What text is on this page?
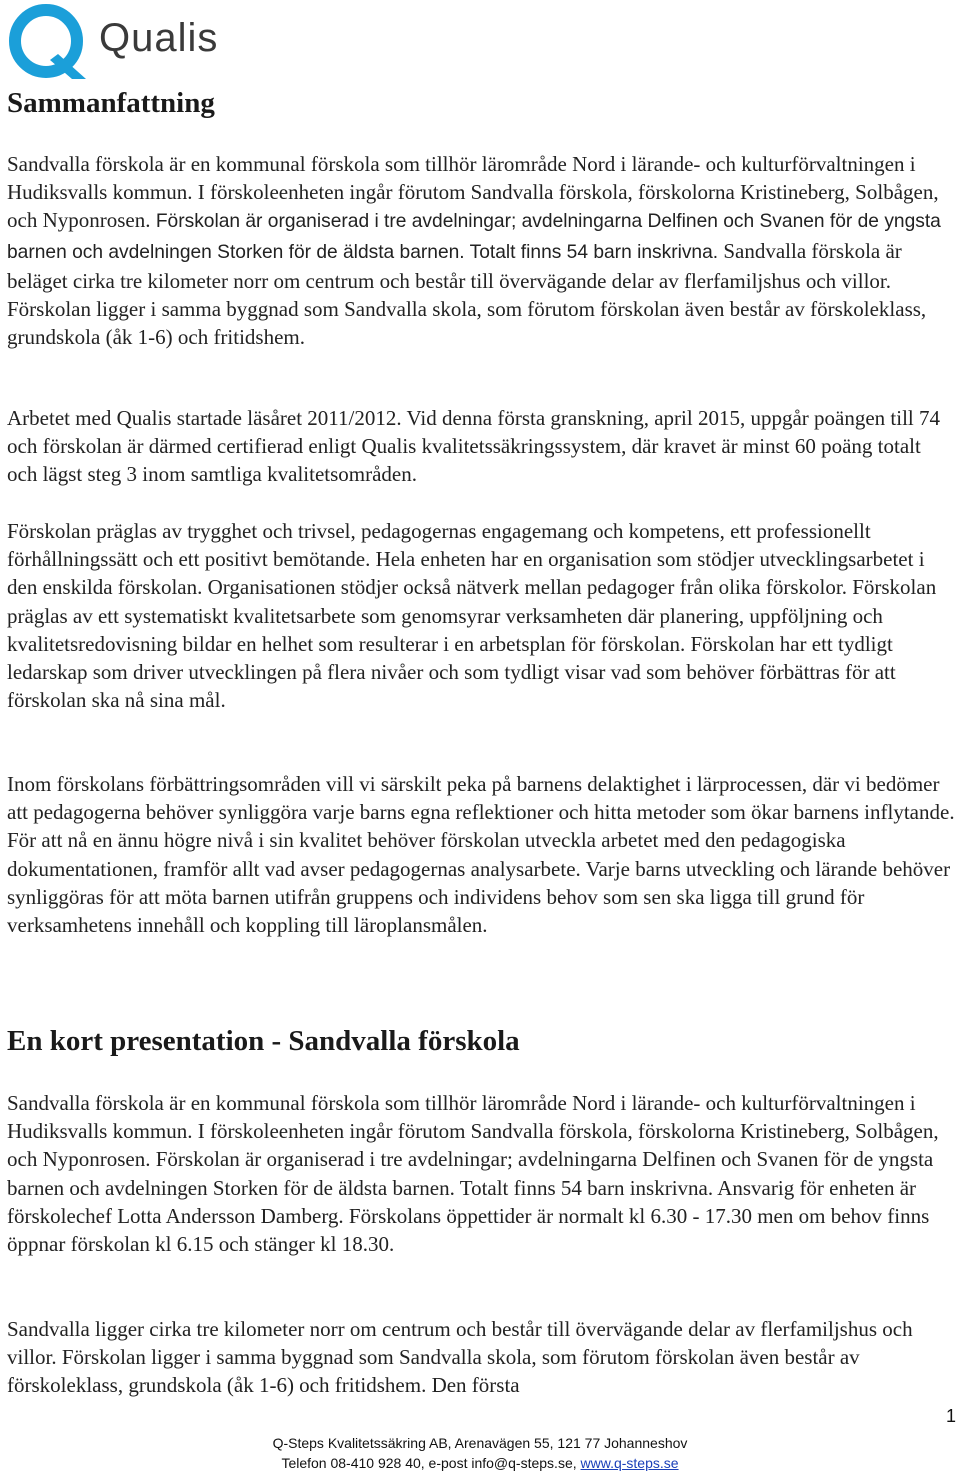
Qualis
Sammanfattning

Sandvalla förskola är en kommunal förskola som tillhör lärområde Nord i lärande- och kulturförvaltningen i Hudiksvalls kommun. I förskoleenheten ingår förutom Sandvalla förskola, förskolorna Kristineberg, Solbågen, och Nyponrosen. Förskolan är organiserad i tre avdelningar; avdelningarna Delfinen och Svanen för de yngsta barnen och avdelningen Storken för de äldsta barnen. Totalt finns 54 barn inskrivna. Sandvalla förskola är beläget cirka tre kilometer norr om centrum och består till övervägande delar av flerfamiljshus och villor. Förskolan ligger i samma byggnad som Sandvalla skola, som förutom förskolan även består av förskoleklass, grundskola (åk 1-6) och fritidshem.

Arbetet med Qualis startade läsåret 2011/2012. Vid denna första granskning, april 2015, uppgår poängen till 74 och förskolan är därmed certifierad enligt Qualis kvalitetssäkringssystem, där kravet är minst 60 poäng totalt och lägst steg 3 inom samtliga kvalitetsområden.

Förskolan präglas av trygghet och trivsel, pedagogernas engagemang och kompetens, ett professionellt förhållningssätt och ett positivt bemötande. Hela enheten har en organisation som stödjer utvecklingsarbetet i den enskilda förskolan. Organisationen stödjer också nätverk mellan pedagoger från olika förskolor. Förskolan präglas av ett systematiskt kvalitetsarbete som genomsyrar verksamheten där planering, uppföljning och kvalitetsredovisning bildar en helhet som resulterar i en arbetsplan för förskolan. Förskolan har ett tydligt ledarskap som driver utvecklingen på flera nivåer och som tydligt visar vad som behöver förbättras för att förskolan ska nå sina mål.

Inom förskolans förbättringsområden vill vi särskilt peka på barnens delaktighet i lärprocessen, där vi bedömer att pedagogerna behöver synliggöra varje barns egna reflektioner och hitta metoder som ökar barnens inflytande. För att nå en ännu högre nivå i sin kvalitet behöver förskolan utveckla arbetet med den pedagogiska dokumentationen, framför allt vad avser pedagogernas analysarbete. Varje barns utveckling och lärande behöver synliggöras för att möta barnen utifrån gruppens och individens behov som sen ska ligga till grund för verksamhetens innehåll och koppling till läroplansmålen.

En kort presentation - Sandvalla förskola

Sandvalla förskola är en kommunal förskola som tillhör lärområde Nord i lärande- och kulturförvaltningen i Hudiksvalls kommun. I förskoleenheten ingår förutom Sandvalla förskola, förskolorna Kristineberg, Solbågen, och Nyponrosen. Förskolan är organiserad i tre avdelningar; avdelningarna Delfinen och Svanen för de yngsta barnen och avdelningen Storken för de äldsta barnen. Totalt finns 54 barn inskrivna. Ansvarig för enheten är förskolechef Lotta Andersson Damberg. Förskolans öppettider är normalt kl 6.30 - 17.30 men om behov finns öppnar förskolan kl 6.15 och stänger kl 18.30.

Sandvalla ligger cirka tre kilometer norr om centrum och består till övervägande delar av flerfamiljshus och villor. Förskolan ligger i samma byggnad som Sandvalla skola, som förutom förskolan även består av förskoleklass, grundskola (åk 1-6) och fritidshem. Den första

1
Q-Steps Kvalitetssäkring AB, Arenavägen 55, 121 77 Johanneshov
Telefon 08-410 928 40, e-post info@q-steps.se, www.q-steps.se
